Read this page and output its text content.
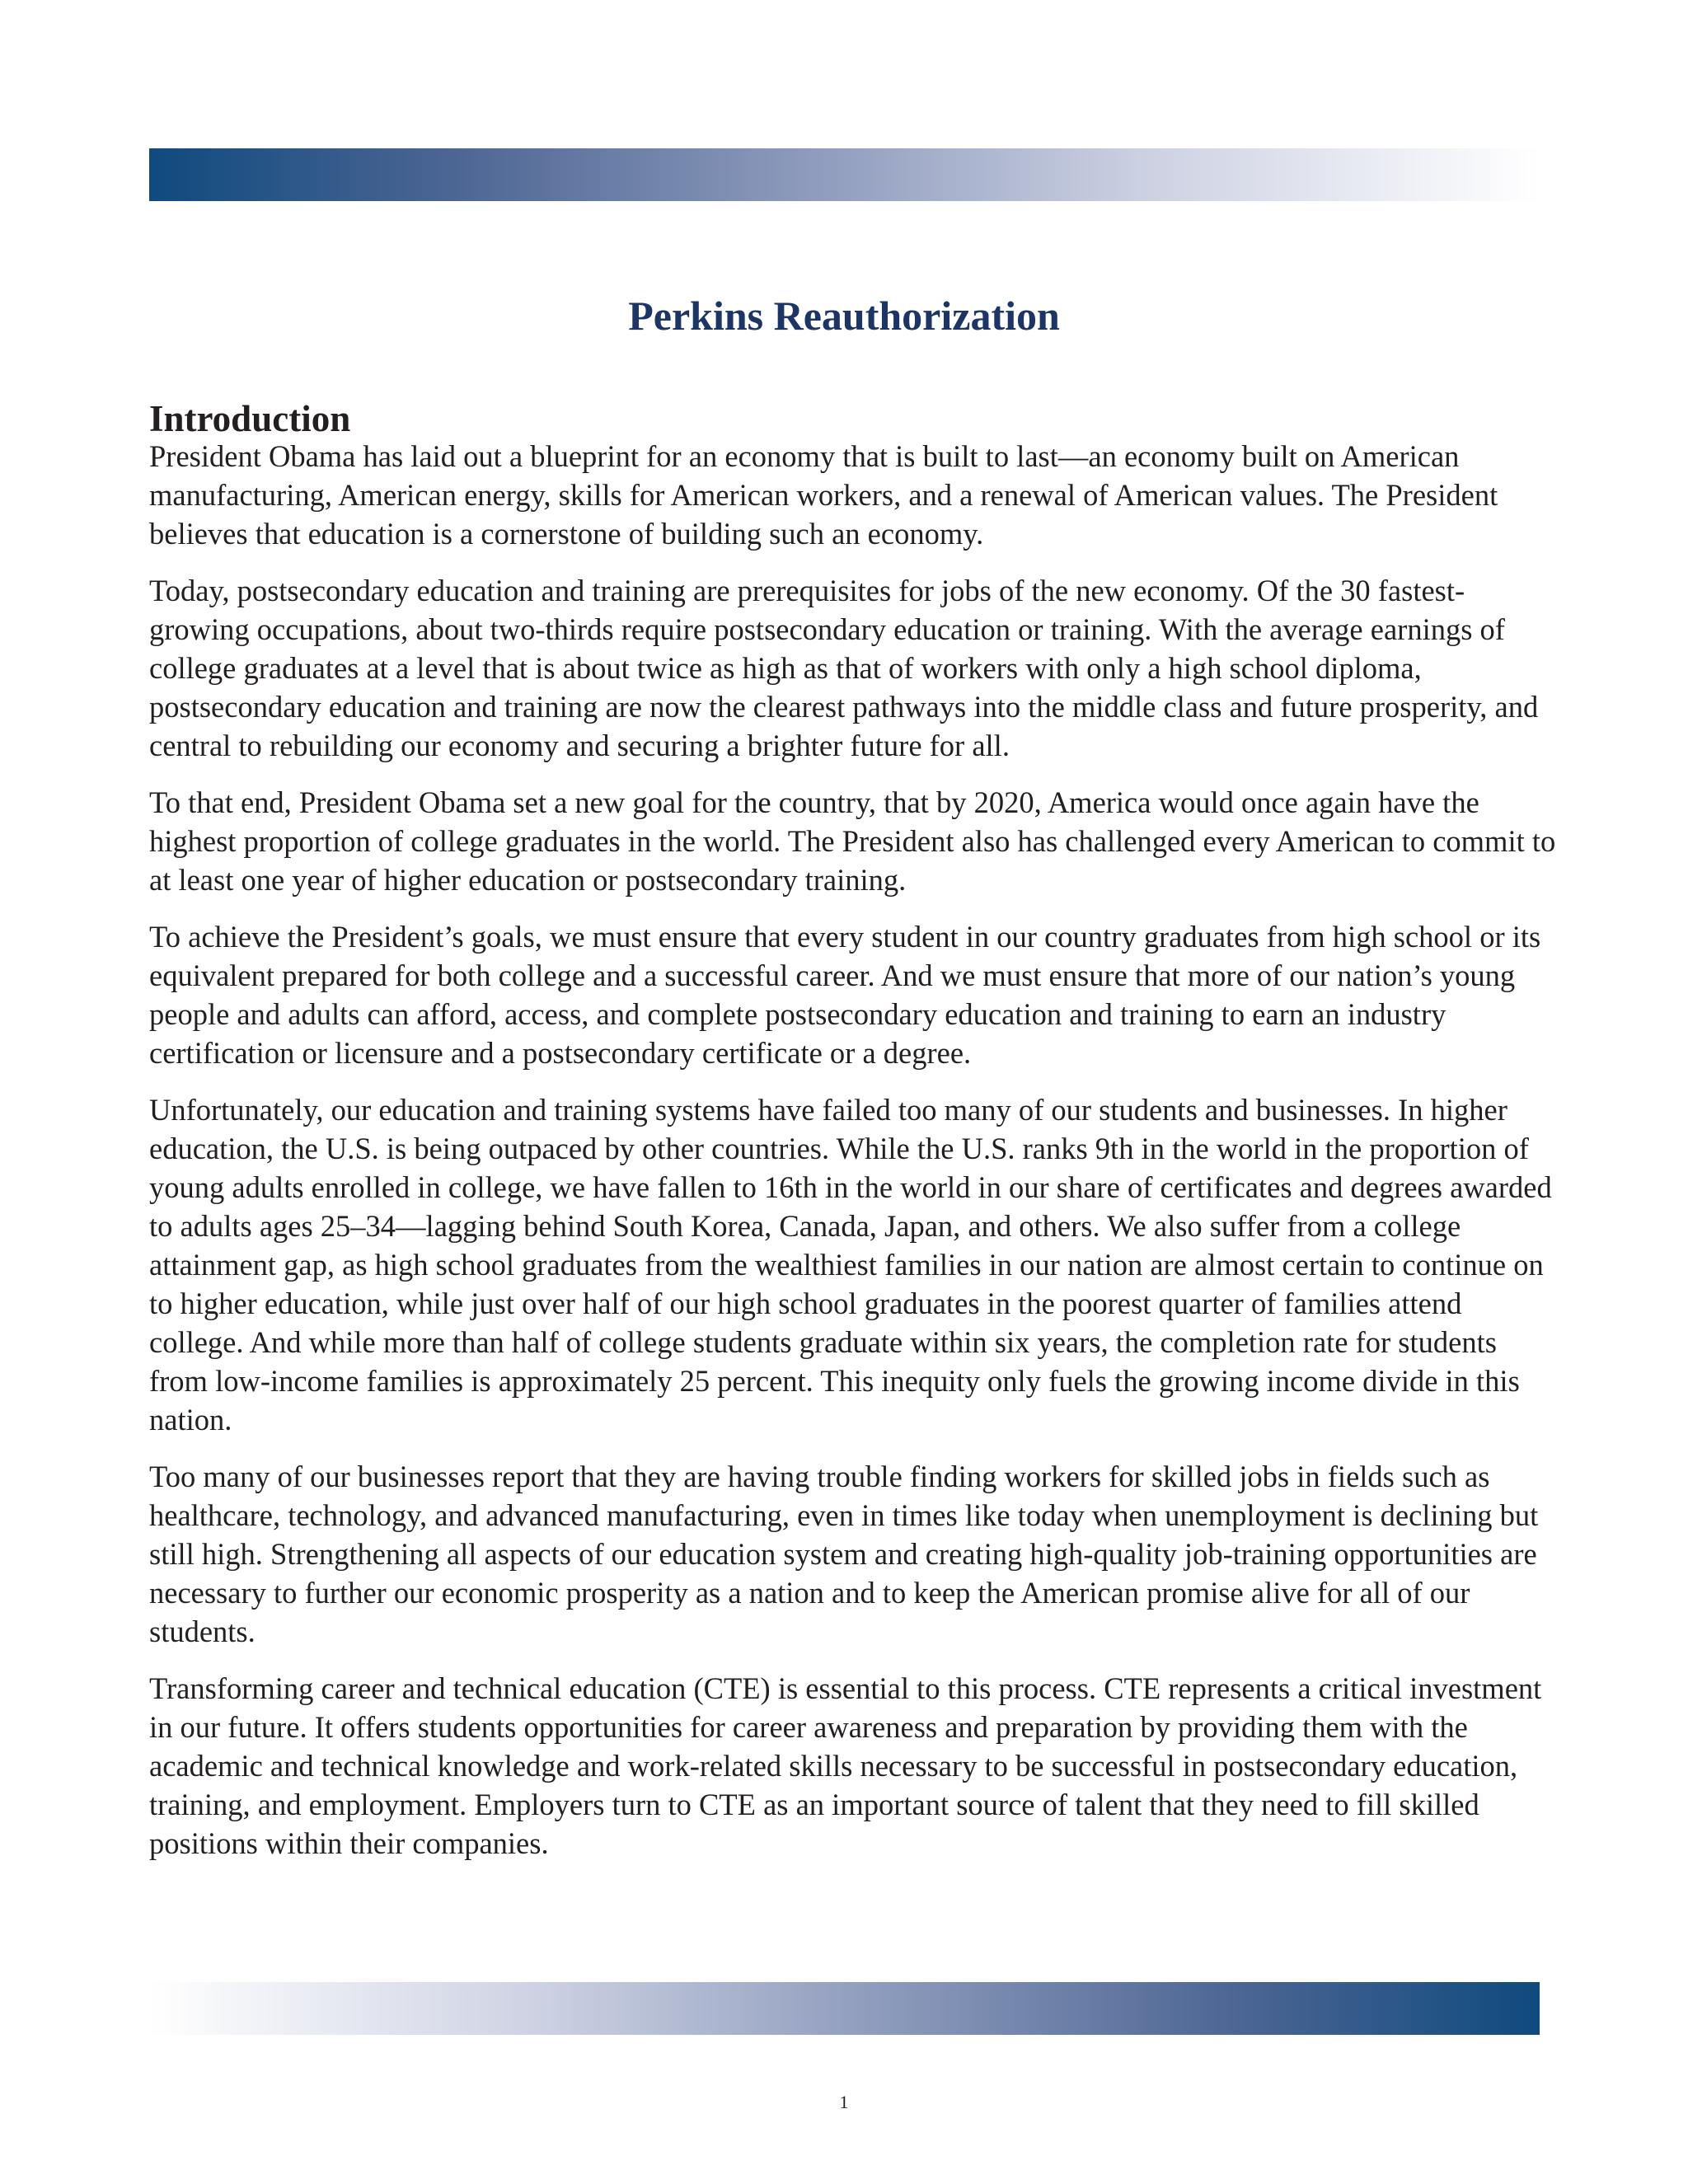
Perkins Reauthorization
Introduction

President Obama has laid out a blueprint for an economy that is built to last—an economy built on American manufacturing, American energy, skills for American workers, and a renewal of American values. The President believes that education is a cornerstone of building such an economy.

Today, postsecondary education and training are prerequisites for jobs of the new economy. Of the 30 fastest-growing occupations, about two-thirds require postsecondary education or training. With the average earnings of college graduates at a level that is about twice as high as that of workers with only a high school diploma, postsecondary education and training are now the clearest pathways into the middle class and future prosperity, and central to rebuilding our economy and securing a brighter future for all.

To that end, President Obama set a new goal for the country, that by 2020, America would once again have the highest proportion of college graduates in the world. The President also has challenged every American to commit to at least one year of higher education or postsecondary training.

To achieve the President’s goals, we must ensure that every student in our country graduates from high school or its equivalent prepared for both college and a successful career. And we must ensure that more of our nation’s young people and adults can afford, access, and complete postsecondary education and training to earn an industry certification or licensure and a postsecondary certificate or a degree.

Unfortunately, our education and training systems have failed too many of our students and businesses. In higher education, the U.S. is being outpaced by other countries. While the U.S. ranks 9th in the world in the proportion of young adults enrolled in college, we have fallen to 16th in the world in our share of certificates and degrees awarded to adults ages 25–34—lagging behind South Korea, Canada, Japan, and others. We also suffer from a college attainment gap, as high school graduates from the wealthiest families in our nation are almost certain to continue on to higher education, while just over half of our high school graduates in the poorest quarter of families attend college. And while more than half of college students graduate within six years, the completion rate for students from low-income families is approximately 25 percent. This inequity only fuels the growing income divide in this nation.

Too many of our businesses report that they are having trouble finding workers for skilled jobs in fields such as healthcare, technology, and advanced manufacturing, even in times like today when unemployment is declining but still high. Strengthening all aspects of our education system and creating high-quality job-training opportunities are necessary to further our economic prosperity as a nation and to keep the American promise alive for all of our students.

Transforming career and technical education (CTE) is essential to this process. CTE represents a critical investment in our future. It offers students opportunities for career awareness and preparation by providing them with the academic and technical knowledge and work-related skills necessary to be successful in postsecondary education, training, and employment. Employers turn to CTE as an important source of talent that they need to fill skilled positions within their companies.

1
